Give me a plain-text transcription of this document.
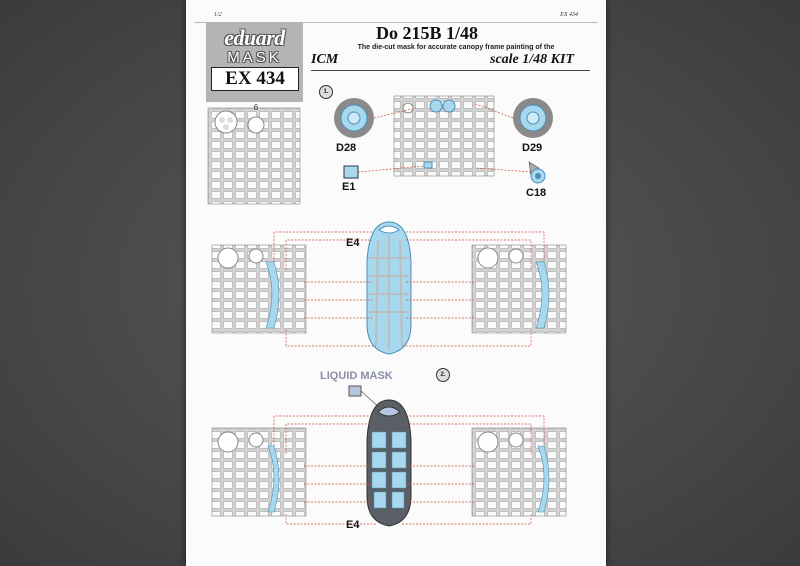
1/2	EX 434
eduard
MASK
EX 434
Do 215B 1/48
The die-cut mask for accurate canopy frame painting of the
ICM	scale 1/48 KIT
6
1.
2.
D28	D29
E1	C18
E4
E4
LIQUID MASK
